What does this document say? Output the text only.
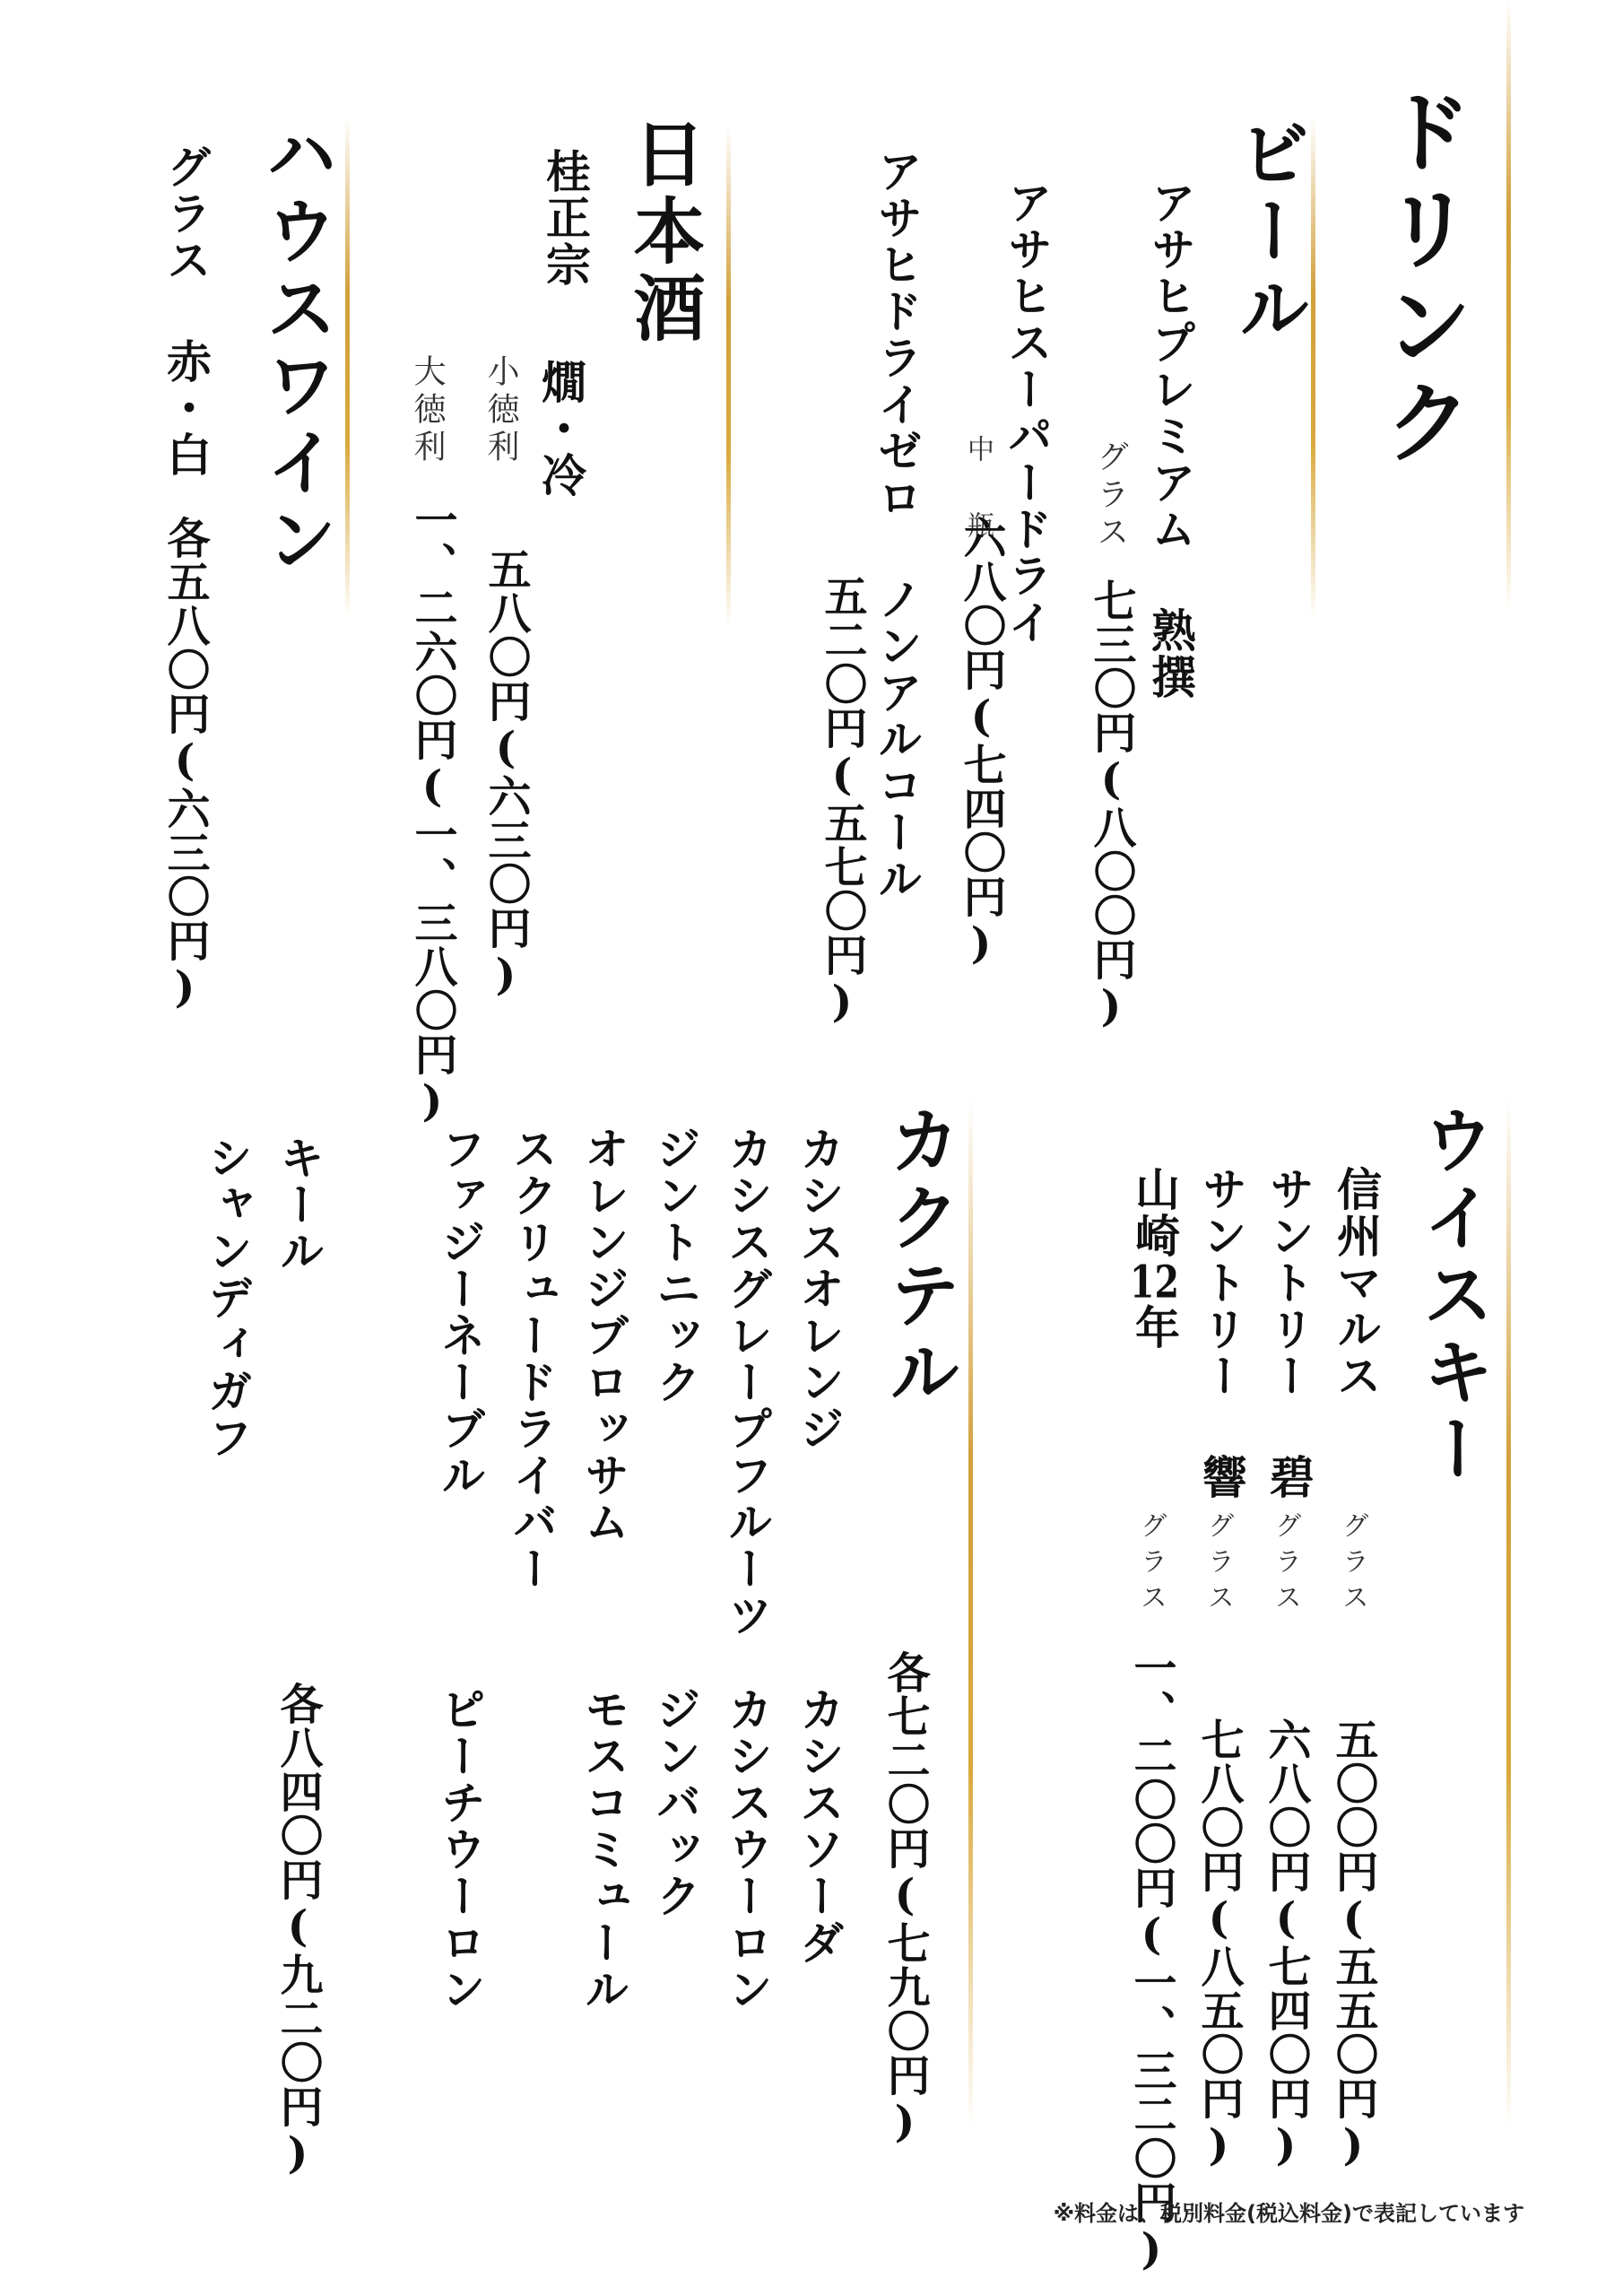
ドリンク
ビール
アサヒプレミアム 熟撰
グラス
七三〇円(八〇〇円)
アサヒスーパードライ
中 瓶
六八〇円(七四〇円)
アサヒドライゼロ ノンアルコール
五二〇円(五七〇円)
日本酒
桂正宗
燗・冷
小徳利
五八〇円(六三〇円)
大徳利
一、二六〇円(一、三八〇円)
ハウスワイン
グラス 赤・白
各五八〇円(六三〇円)
ウイスキー
信州マルス
グラス
五〇〇円(五五〇円)
サントリー 碧
グラス
六八〇円(七四〇円)
サントリー 響
グラス
七八〇円(八五〇円)
山崎12年
グラス
一、二〇〇円(一、三二〇円)
カクテル
カシスオレンジ
カシスグレープフルーツ
ジントニック
オレンジブロッサム
スクリュードライバー
ファジーネーブル
カシスソーダ
カシスウーロン
ジンバック
モスコミュール
ピーチウーロン	各七二〇円(七九〇円)
キール
シャンディガフ
各八四〇円(九二〇円)
※料金は、税別料金(税込料金)で表記しています
